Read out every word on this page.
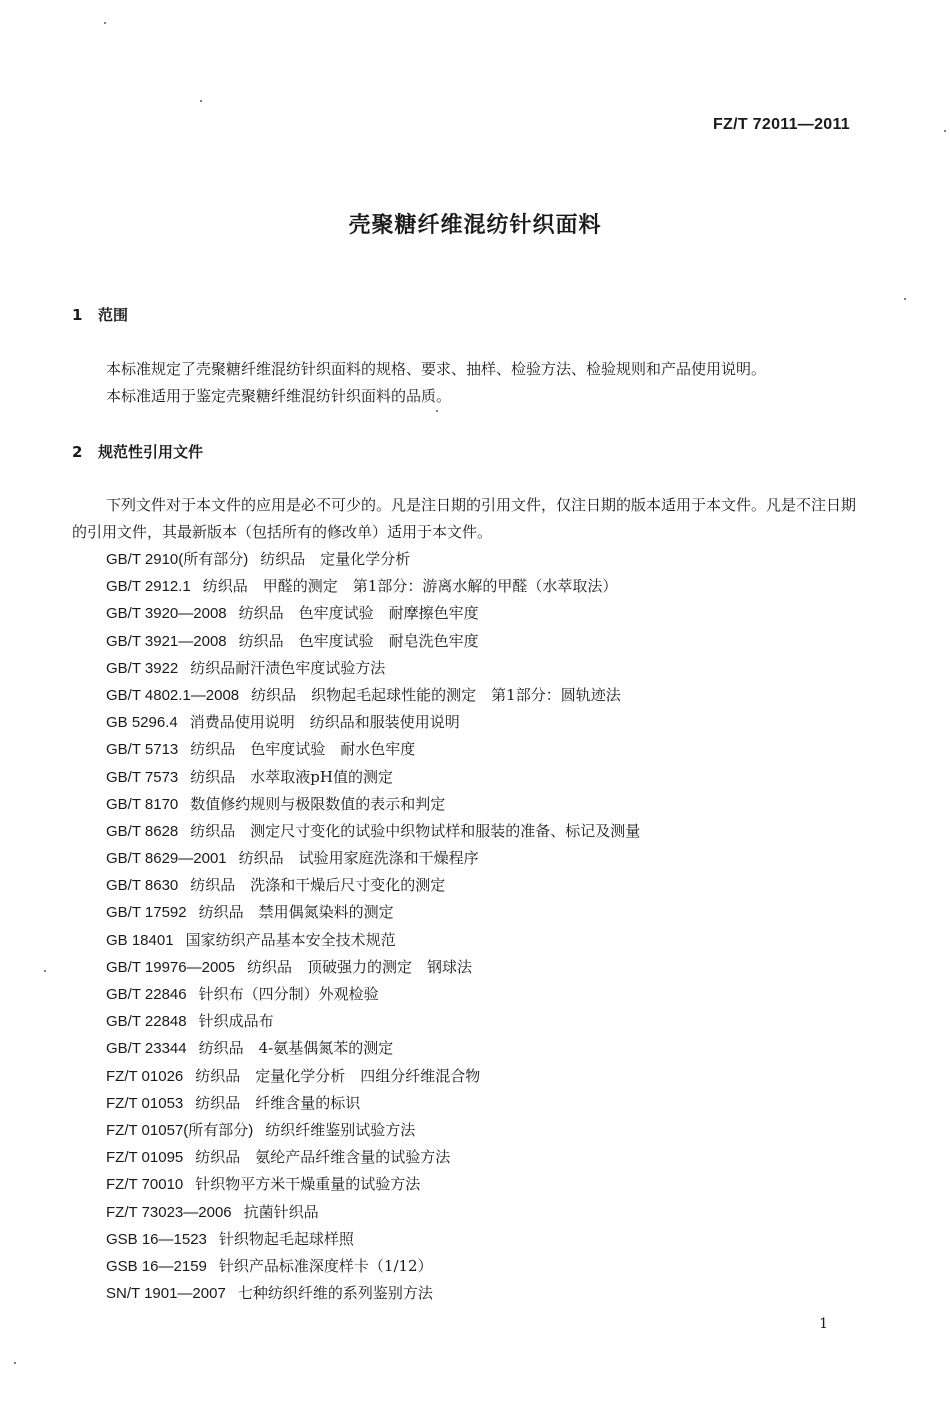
FZ/T 72011—2011
壳聚糖纤维混纺针织面料
1 范围
本标准规定了壳聚糖纤维混纺针织面料的规格、要求、抽样、检验方法、检验规则和产品使用说明。
本标准适用于鉴定壳聚糖纤维混纺针织面料的品质。
2 规范性引用文件
下列文件对于本文件的应用是必不可少的。凡是注日期的引用文件，仅注日期的版本适用于本文件。凡是不注日期的引用文件，其最新版本（包括所有的修改单）适用于本文件。
GB/T 2910(所有部分) 纺织品　定量化学分析
GB/T 2912.1 纺织品　甲醛的测定　第1部分：游离水解的甲醛（水萃取法）
GB/T 3920—2008 纺织品　色牢度试验　耐摩擦色牢度
GB/T 3921—2008 纺织品　色牢度试验　耐皂洗色牢度
GB/T 3922 纺织品耐汗渍色牢度试验方法
GB/T 4802.1—2008 纺织品　织物起毛起球性能的测定　第1部分：圆轨迹法
GB 5296.4 消费品使用说明　纺织品和服装使用说明
GB/T 5713 纺织品　色牢度试验　耐水色牢度
GB/T 7573 纺织品　水萃取液pH值的测定
GB/T 8170 数值修约规则与极限数值的表示和判定
GB/T 8628 纺织品　测定尺寸变化的试验中织物试样和服装的准备、标记及测量
GB/T 8629—2001 纺织品　试验用家庭洗涤和干燥程序
GB/T 8630 纺织品　洗涤和干燥后尺寸变化的测定
GB/T 17592 纺织品　禁用偶氮染料的测定
GB 18401 国家纺织产品基本安全技术规范
GB/T 19976—2005 纺织品　顶破强力的测定　钢球法
GB/T 22846 针织布（四分制）外观检验
GB/T 22848 针织成品布
GB/T 23344 纺织品　4-氨基偶氮苯的测定
FZ/T 01026 纺织品　定量化学分析　四组分纤维混合物
FZ/T 01053 纺织品　纤维含量的标识
FZ/T 01057(所有部分) 纺织纤维鉴别试验方法
FZ/T 01095 纺织品　氨纶产品纤维含量的试验方法
FZ/T 70010 针织物平方米干燥重量的试验方法
FZ/T 73023—2006 抗菌针织品
GSB 16—1523 针织物起毛起球样照
GSB 16—2159 针织产品标准深度样卡（1/12）
SN/T 1901—2007 七种纺织纤维的系列鉴别方法
1
